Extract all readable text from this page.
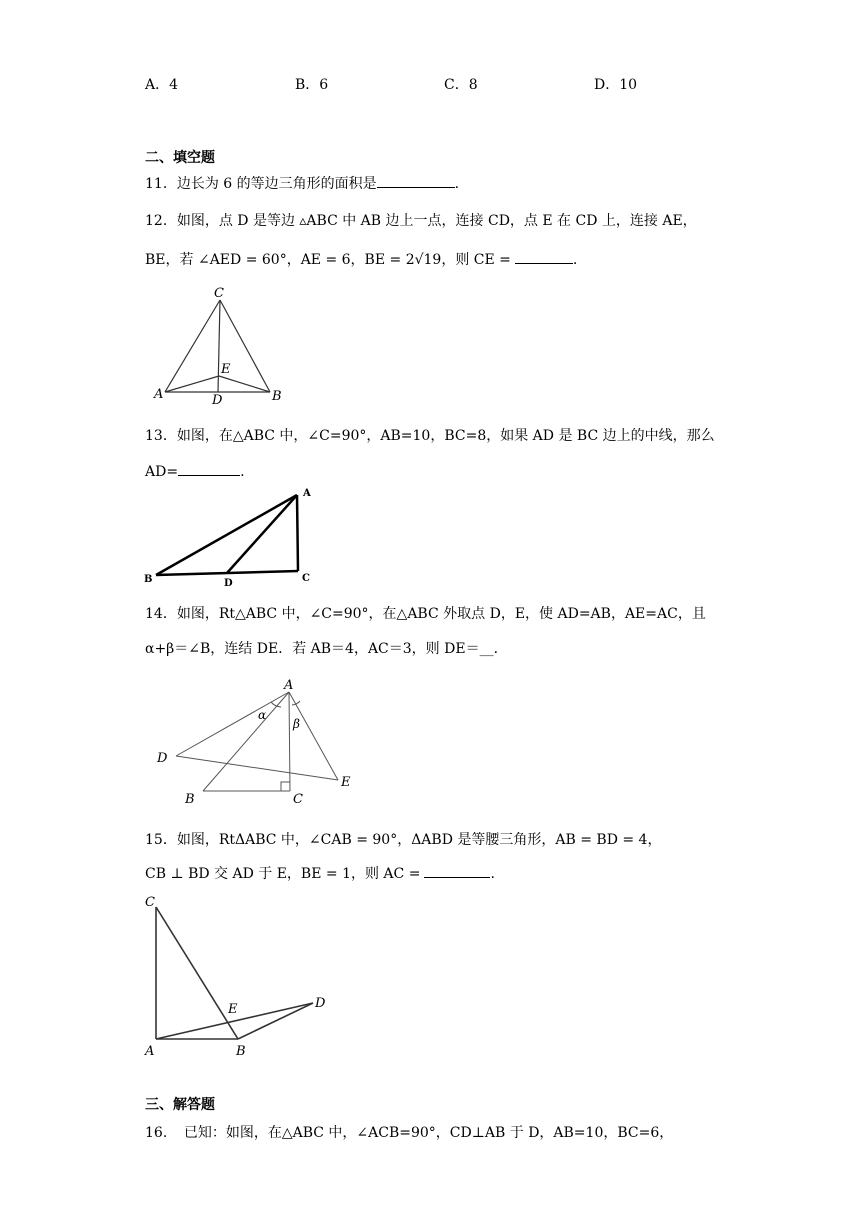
A．4	B．6	C．8	D．10
二、填空题
11．边长为 6 的等边三角形的面积是	.
12．如图，点 D 是等边 ▵ABC 中 AB 边上一点，连接 CD，点 E 在 CD 上，连接 AE，
BE，若 ∠AED = 60°，AE = 6，BE = 2√19，则 CE =	.
C
E
A	D	B
13．如图，在△ABC 中，∠C=90°，AB=10，BC=8，如果 AD 是 BC 边上的中线，那么
AD=	.
A
B	D	C
14．如图，Rt△ABC 中，∠C=90°，在△ABC 外取点 D，E，使 AD=AB，AE=AC，且
α+β＝∠B，连结 DE．若 AB＝4，AC＝3，则 DE＝__．
A
α
β
D
E
B	C
15．如图，RtΔABC 中，∠CAB = 90°，ΔABD 是等腰三角形，AB = BD = 4，
CB ⊥ BD 交 AD 于 E，BE = 1，则 AC =	.
C
E	D
A	B
三、解答题
16．　已知：如图，在△ABC 中，∠ACB=90°，CD⊥AB 于 D，AB=10，BC=6，
